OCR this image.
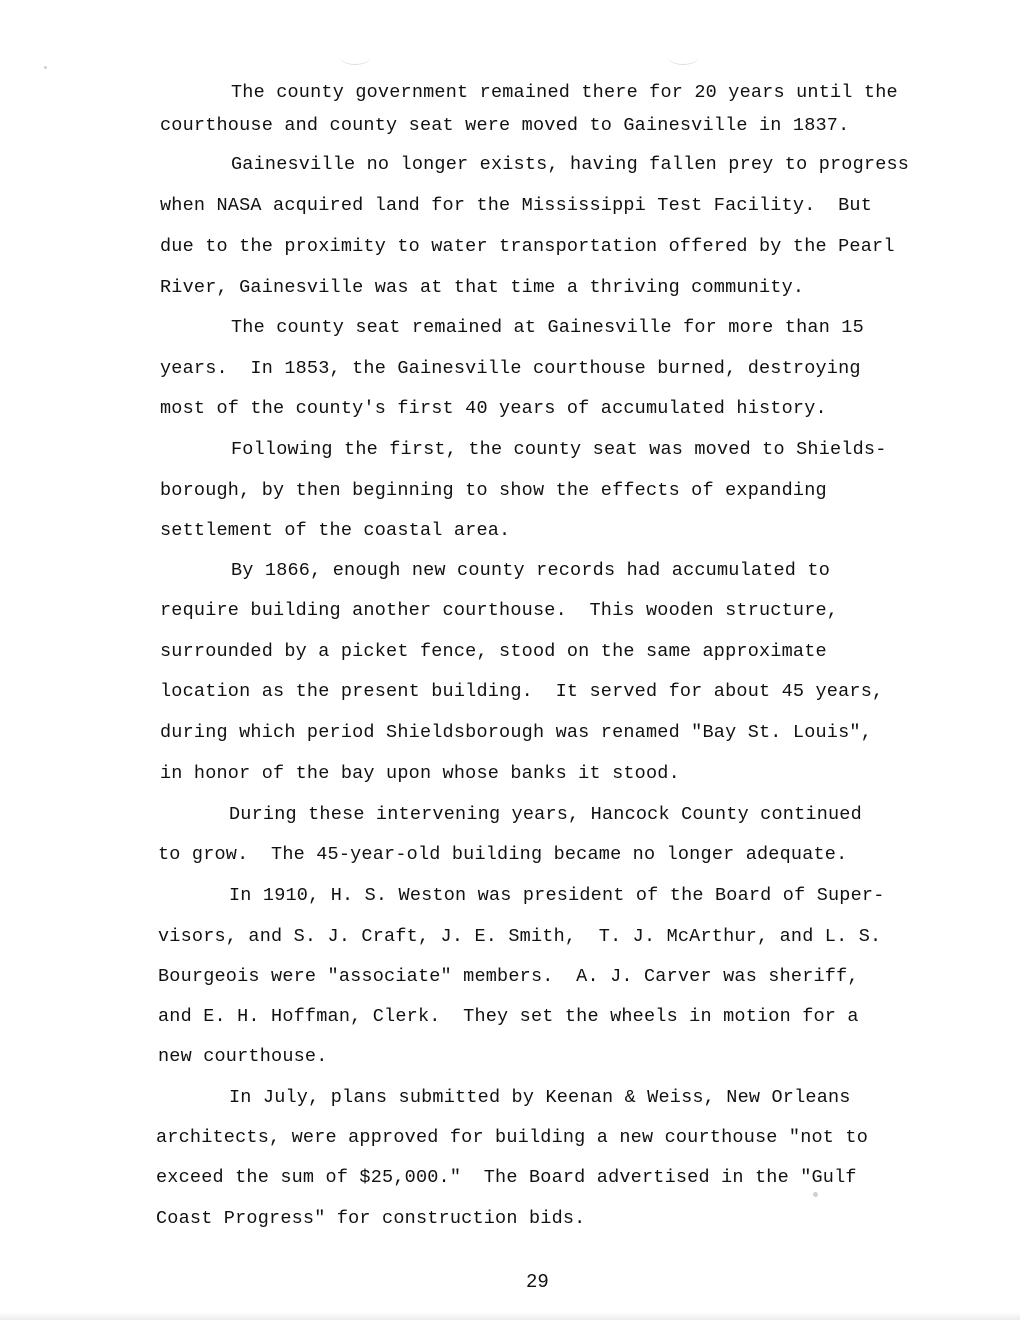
The county government remained there for 20 years until the
courthouse and county seat were moved to Gainesville in 1837.
Gainesville no longer exists, having fallen prey to progress
when NASA acquired land for the Mississippi Test Facility.  But
due to the proximity to water transportation offered by the Pearl
River, Gainesville was at that time a thriving community.
The county seat remained at Gainesville for more than 15
years.  In 1853, the Gainesville courthouse burned, destroying
most of the county's first 40 years of accumulated history.
Following the first, the county seat was moved to Shields-
borough, by then beginning to show the effects of expanding
settlement of the coastal area.
By 1866, enough new county records had accumulated to
require building another courthouse.  This wooden structure,
surrounded by a picket fence, stood on the same approximate
location as the present building.  It served for about 45 years,
during which period Shieldsborough was renamed "Bay St. Louis",
in honor of the bay upon whose banks it stood.
During these intervening years, Hancock County continued
to grow.  The 45-year-old building became no longer adequate.
In 1910, H. S. Weston was president of the Board of Super-
visors, and S. J. Craft, J. E. Smith,  T. J. McArthur, and L. S.
Bourgeois were "associate" members.  A. J. Carver was sheriff,
and E. H. Hoffman, Clerk.  They set the wheels in motion for a
new courthouse.
In July, plans submitted by Keenan & Weiss, New Orleans
architects, were approved for building a new courthouse "not to
exceed the sum of $25,000."  The Board advertised in the "Gulf
Coast Progress" for construction bids.
29
